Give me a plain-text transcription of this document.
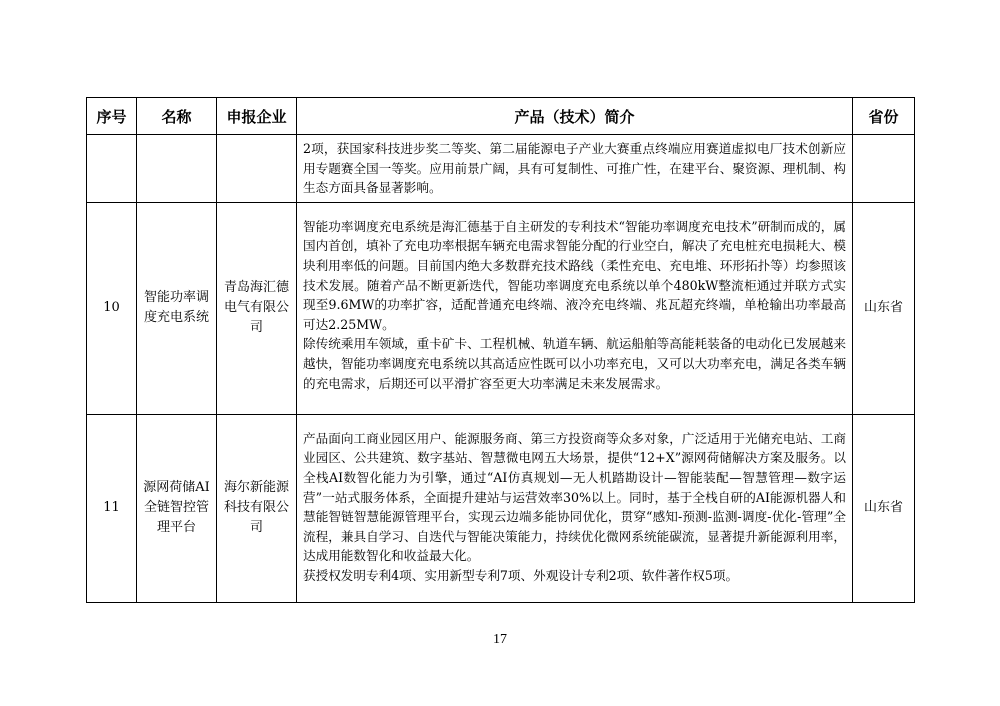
序号	名称	申报企业	产品（技术）简介	省份

			2项，获国家科技进步奖二等奖、第二届能源电子产业大赛重点终端应用赛道虚拟电厂技术创新应用专题赛全国一等奖。应用前景广阔，具有可复制性、可推广性，在建平台、聚资源、理机制、构生态方面具备显著影响。	

10	智能功率调度充电系统	青岛海汇德电气有限公司	智能功率调度充电系统是海汇德基于自主研发的专利技术“智能功率调度充电技术”研制而成的，属国内首创，填补了充电功率根据车辆充电需求智能分配的行业空白，解决了充电桩充电损耗大、模块利用率低的问题。目前国内绝大多数群充技术路线（柔性充电、充电堆、环形拓扑等）均参照该技术发展。随着产品不断更新迭代，智能功率调度充电系统以单个480kW整流柜通过并联方式实现至9.6MW的功率扩容，适配普通充电终端、液冷充电终端、兆瓦超充终端，单枪输出功率最高可达2.25MW。

除传统乘用车领域，重卡矿卡、工程机械、轨道车辆、航运船舶等高能耗装备的电动化已发展越来越快，智能功率调度充电系统以其高适应性既可以小功率充电，又可以大功率充电，满足各类车辆的充电需求，后期还可以平滑扩容至更大功率满足未来发展需求。	山东省
11	源网荷储AI全链智控管理平台	海尔新能源科技有限公司	产品面向工商业园区用户、能源服务商、第三方投资商等众多对象，广泛适用于光储充电站、工商业园区、公共建筑、数字基站、智慧微电网五大场景，提供“12+X”源网荷储解决方案及服务。以全栈AI数智化能力为引擎，通过“AI仿真规划—无人机踏勘设计—智能装配—智慧管理—数字运营”一站式服务体系，全面提升建站与运营效率30%以上。同时，基于全栈自研的AI能源机器人和慧能智链智慧能源管理平台，实现云边端多能协同优化，贯穿“感知-预测-监测-调度-优化-管理”全流程，兼具自学习、自迭代与智能决策能力，持续优化微网系统能碳流，显著提升新能源利用率，达成用能数智化和收益最大化。

获授权发明专利4项、实用新型专利7项、外观设计专利2项、软件著作权5项。	山东省
17
